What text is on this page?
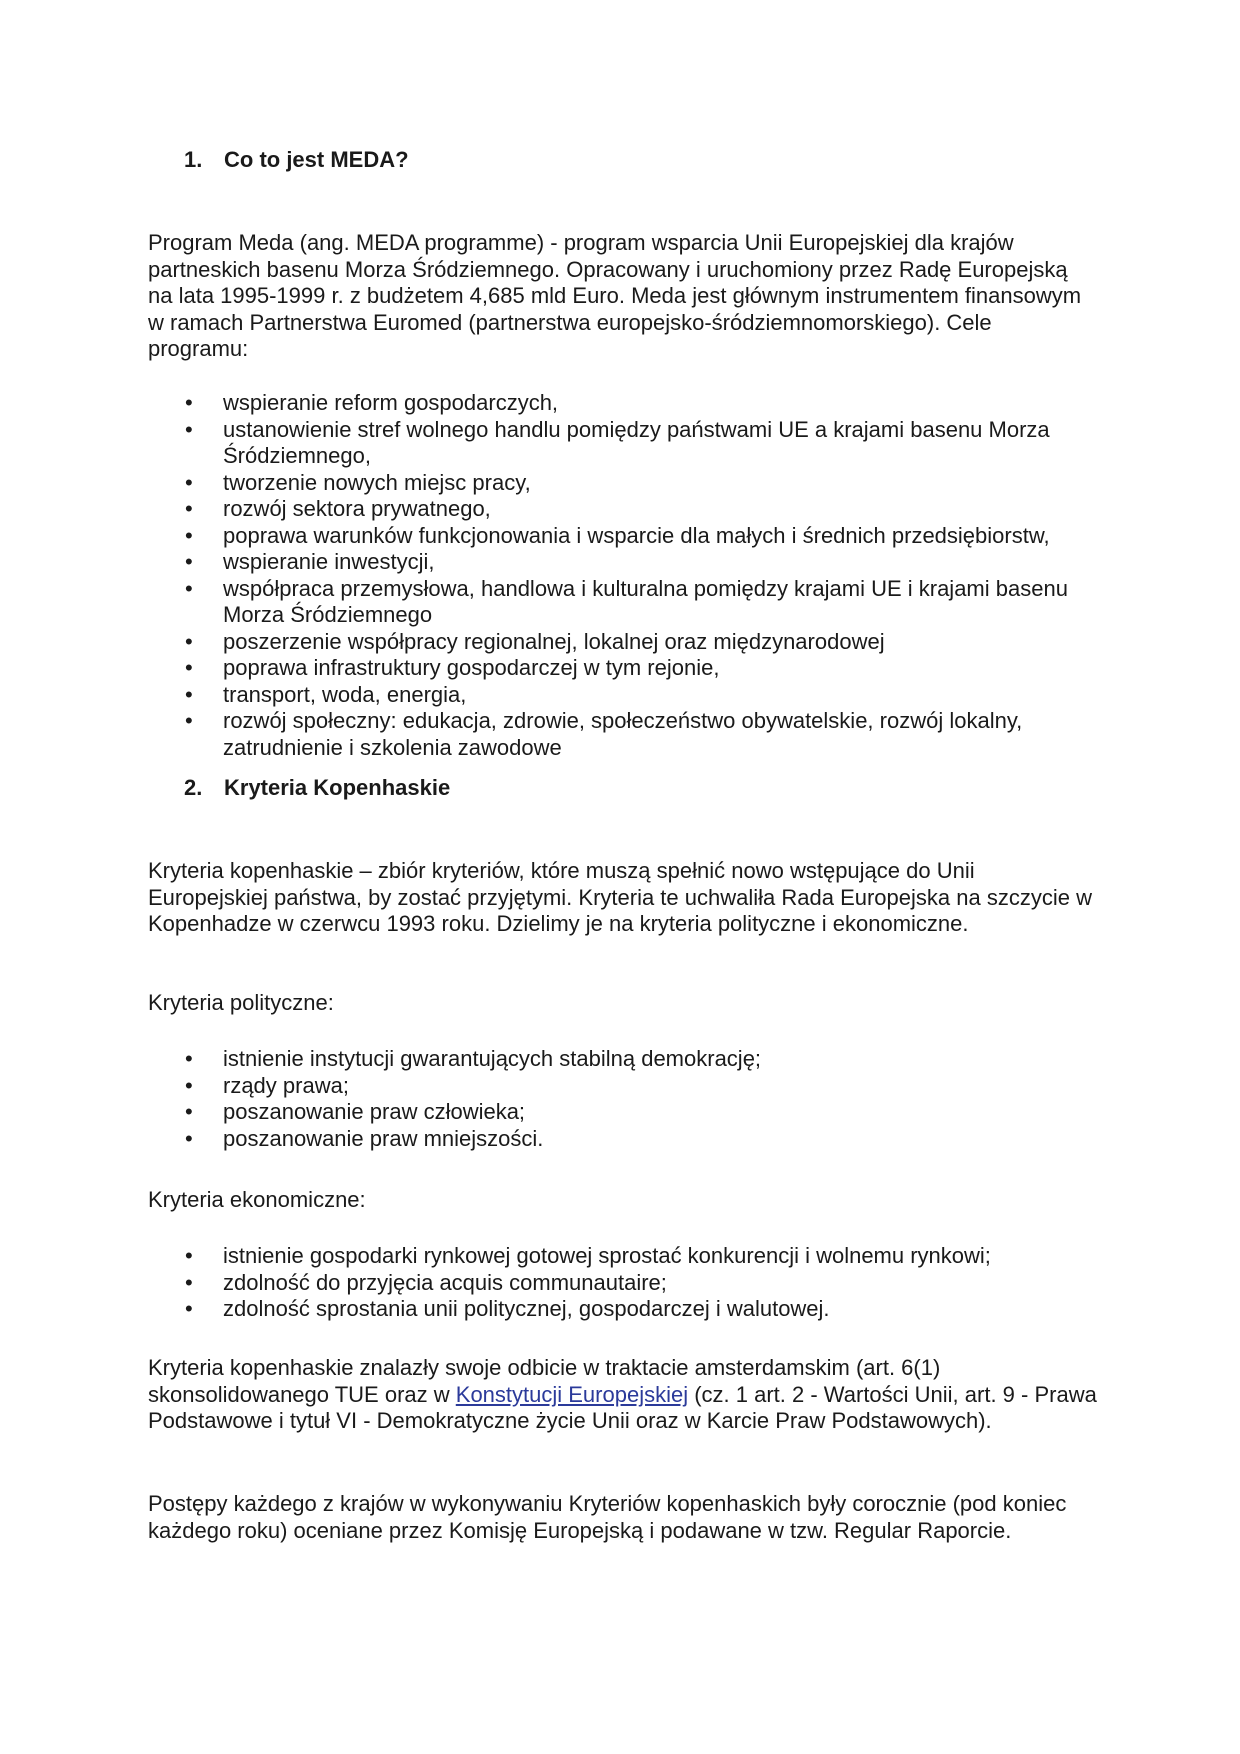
1. Co to jest MEDA?

Program Meda (ang. MEDA programme) - program wsparcia Unii Europejskiej dla krajów partneskich basenu Morza Śródziemnego. Opracowany i uruchomiony przez Radę Europejską na lata 1995-1999 r. z budżetem 4,685 mld Euro. Meda jest głównym instrumentem finansowym w ramach Partnerstwa Euromed (partnerstwa europejsko-śródziemnomorskiego). Cele programu:

• wspieranie reform gospodarczych,
• ustanowienie stref wolnego handlu pomiędzy państwami UE a krajami basenu Morza Śródziemnego,
• tworzenie nowych miejsc pracy,
• rozwój sektora prywatnego,
• poprawa warunków funkcjonowania i wsparcie dla małych i średnich przedsiębiorstw,
• wspieranie inwestycji,
• współpraca przemysłowa, handlowa i kulturalna pomiędzy krajami UE i krajami basenu Morza Śródziemnego
• poszerzenie współpracy regionalnej, lokalnej oraz międzynarodowej
• poprawa infrastruktury gospodarczej w tym rejonie,
• transport, woda, energia,
• rozwój społeczny: edukacja, zdrowie, społeczeństwo obywatelskie, rozwój lokalny, zatrudnienie i szkolenia zawodowe
2. Kryteria Kopenhaskie

Kryteria kopenhaskie – zbiór kryteriów, które muszą spełnić nowo wstępujące do Unii Europejskiej państwa, by zostać przyjętymi. Kryteria te uchwaliła Rada Europejska na szczycie w Kopenhadze w czerwcu 1993 roku. Dzielimy je na kryteria polityczne i ekonomiczne.

Kryteria polityczne:

• istnienie instytucji gwarantujących stabilną demokrację;
• rządy prawa;
• poszanowanie praw człowieka;
• poszanowanie praw mniejszości.

Kryteria ekonomiczne:

• istnienie gospodarki rynkowej gotowej sprostać konkurencji i wolnemu rynkowi;
• zdolność do przyjęcia acquis communautaire;
• zdolność sprostania unii politycznej, gospodarczej i walutowej.

Kryteria kopenhaskie znalazły swoje odbicie w traktacie amsterdamskim (art. 6(1) skonsolidowanego TUE oraz w Konstytucji Europejskiej (cz. 1 art. 2 - Wartości Unii, art. 9 - Prawa Podstawowe i tytuł VI - Demokratyczne życie Unii oraz w Karcie Praw Podstawowych).

Postępy każdego z krajów w wykonywaniu Kryteriów kopenhaskich były corocznie (pod koniec każdego roku) oceniane przez Komisję Europejską i podawane w tzw. Regular Raporcie.
